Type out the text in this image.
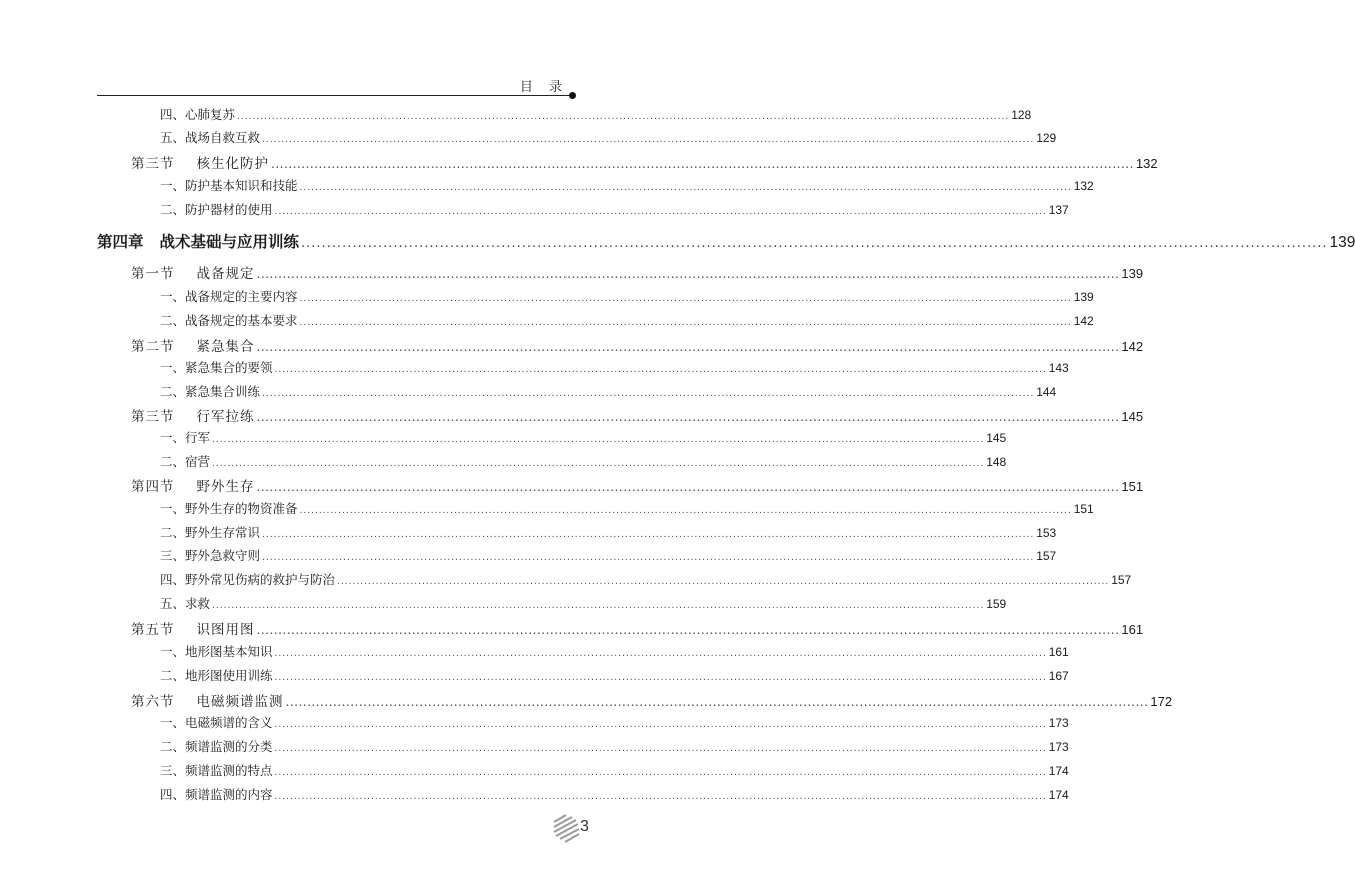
目 录
四、心肺复苏 ........................................................................................................................................................................................................ 128
五、战场自救互救 ........................................................................................................................................................................................................ 129
第三节 核生化防护 ........................................................................................................................................................................................................ 132
一、防护基本知识和技能 ........................................................................................................................................................................................................ 132
二、防护器材的使用 ........................................................................................................................................................................................................ 137
第四章 战术基础与应用训练 ........................................................................................................................................................................................................ 139
第一节 战备规定 ........................................................................................................................................................................................................ 139
一、战备规定的主要内容 ........................................................................................................................................................................................................ 139
二、战备规定的基本要求 ........................................................................................................................................................................................................ 142
第二节 紧急集合 ........................................................................................................................................................................................................ 142
一、紧急集合的要领 ........................................................................................................................................................................................................ 143
二、紧急集合训练 ........................................................................................................................................................................................................ 144
第三节 行军拉练 ........................................................................................................................................................................................................ 145
一、行军 ........................................................................................................................................................................................................ 145
二、宿营 ........................................................................................................................................................................................................ 148
第四节 野外生存 ........................................................................................................................................................................................................ 151
一、野外生存的物资准备 ........................................................................................................................................................................................................ 151
二、野外生存常识 ........................................................................................................................................................................................................ 153
三、野外急救守则 ........................................................................................................................................................................................................ 157
四、野外常见伤病的救护与防治 ........................................................................................................................................................................................................ 157
五、求救 ........................................................................................................................................................................................................ 159
第五节 识图用图 ........................................................................................................................................................................................................ 161
一、地形图基本知识 ........................................................................................................................................................................................................ 161
二、地形图使用训练 ........................................................................................................................................................................................................ 167
第六节 电磁频谱监测 ........................................................................................................................................................................................................ 172
一、电磁频谱的含义 ........................................................................................................................................................................................................ 173
二、频谱监测的分类 ........................................................................................................................................................................................................ 173
三、频谱监测的特点 ........................................................................................................................................................................................................ 174
四、频谱监测的内容 ........................................................................................................................................................................................................ 174
3
